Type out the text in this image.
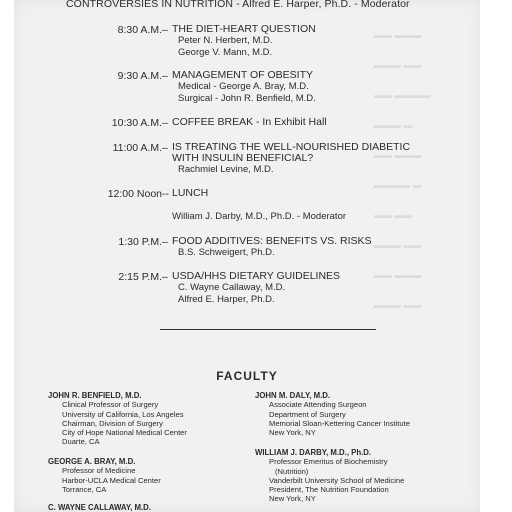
▬▬ ▬▬▬
▬▬▬ ▬▬
▬▬ ▬▬▬▬
▬▬▬ ▬
▬▬ ▬▬▬
▬▬▬▬ ▬
▬▬ ▬▬
▬▬▬ ▬▬
▬▬ ▬▬▬
▬▬▬ ▬▬
CONTROVERSIES IN NUTRITION - Alfred E. Harper, Ph.D. - Moderator
8:30 A.M. – THE DIET-HEART QUESTION
Peter N. Herbert, M.D.
George V. Mann, M.D.
9:30 A.M. – MANAGEMENT OF OBESITY
Medical - George A. Bray, M.D.
Surgical - John R. Benfield, M.D.
10:30 A.M. – COFFEE BREAK - In Exhibit Hall
11:00 A.M. – IS TREATING THE WELL-NOURISHED DIABETIC
WITH INSULIN BENEFICIAL?
Rachmiel Levine, M.D.
12:00 Noon -- LUNCH
William J. Darby, M.D., Ph.D. - Moderator
1:30 P.M. – FOOD ADDITIVES: BENEFITS VS. RISKS
B.S. Schweigert, Ph.D.
2:15 P.M. – USDA/HHS DIETARY GUIDELINES
C. Wayne Callaway, M.D.
Alfred E. Harper, Ph.D.
FACULTY
JOHN R. BENFIELD, M.D.
Clinical Professor of Surgery
University of California, Los Angeles
Chairman, Division of Surgery
City of Hope National Medical Center
Duarte, CA
GEORGE A. BRAY, M.D.
Professor of Medicine
Harbor-UCLA Medical Center
Torrance, CA
C. WAYNE CALLAWAY, M.D.
JOHN M. DALY, M.D.
Associate Attending Surgeon
Department of Surgery
Memorial Sloan-Kettering Cancer Institute
New York, NY
WILLIAM J. DARBY, M.D., Ph.D.
Professor Emeritus of Biochemistry
(Nutrition)
Vanderbilt University School of Medicine
President, The Nutrition Foundation
New York, NY
